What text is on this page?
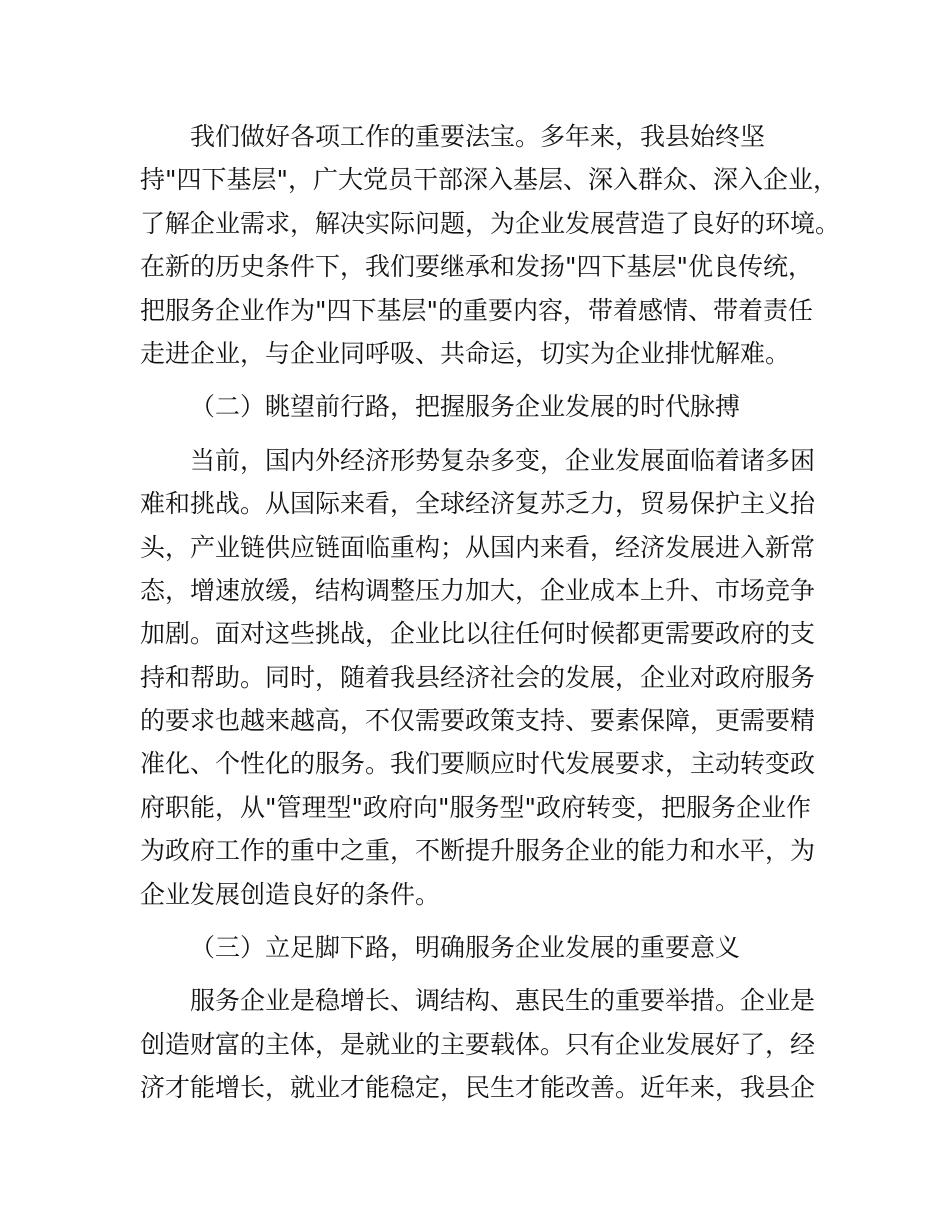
我们做好各项工作的重要法宝。多年来，我县始终坚
持"四下基层"，广大党员干部深入基层、深入群众、深入企业，
了解企业需求，解决实际问题，为企业发展营造了良好的环境。
在新的历史条件下，我们要继承和发扬"四下基层"优良传统，
把服务企业作为"四下基层"的重要内容，带着感情、带着责任
走进企业，与企业同呼吸、共命运，切实为企业排忧解难。
（二）眺望前行路，把握服务企业发展的时代脉搏
当前，国内外经济形势复杂多变，企业发展面临着诸多困
难和挑战。从国际来看，全球经济复苏乏力，贸易保护主义抬
头，产业链供应链面临重构；从国内来看，经济发展进入新常
态，增速放缓，结构调整压力加大，企业成本上升、市场竞争
加剧。面对这些挑战，企业比以往任何时候都更需要政府的支
持和帮助。同时，随着我县经济社会的发展，企业对政府服务
的要求也越来越高，不仅需要政策支持、要素保障，更需要精
准化、个性化的服务。我们要顺应时代发展要求，主动转变政
府职能，从"管理型"政府向"服务型"政府转变，把服务企业作
为政府工作的重中之重，不断提升服务企业的能力和水平，为
企业发展创造良好的条件。
（三）立足脚下路，明确服务企业发展的重要意义
服务企业是稳增长、调结构、惠民生的重要举措。企业是
创造财富的主体，是就业的主要载体。只有企业发展好了，经
济才能增长，就业才能稳定，民生才能改善。近年来，我县企
